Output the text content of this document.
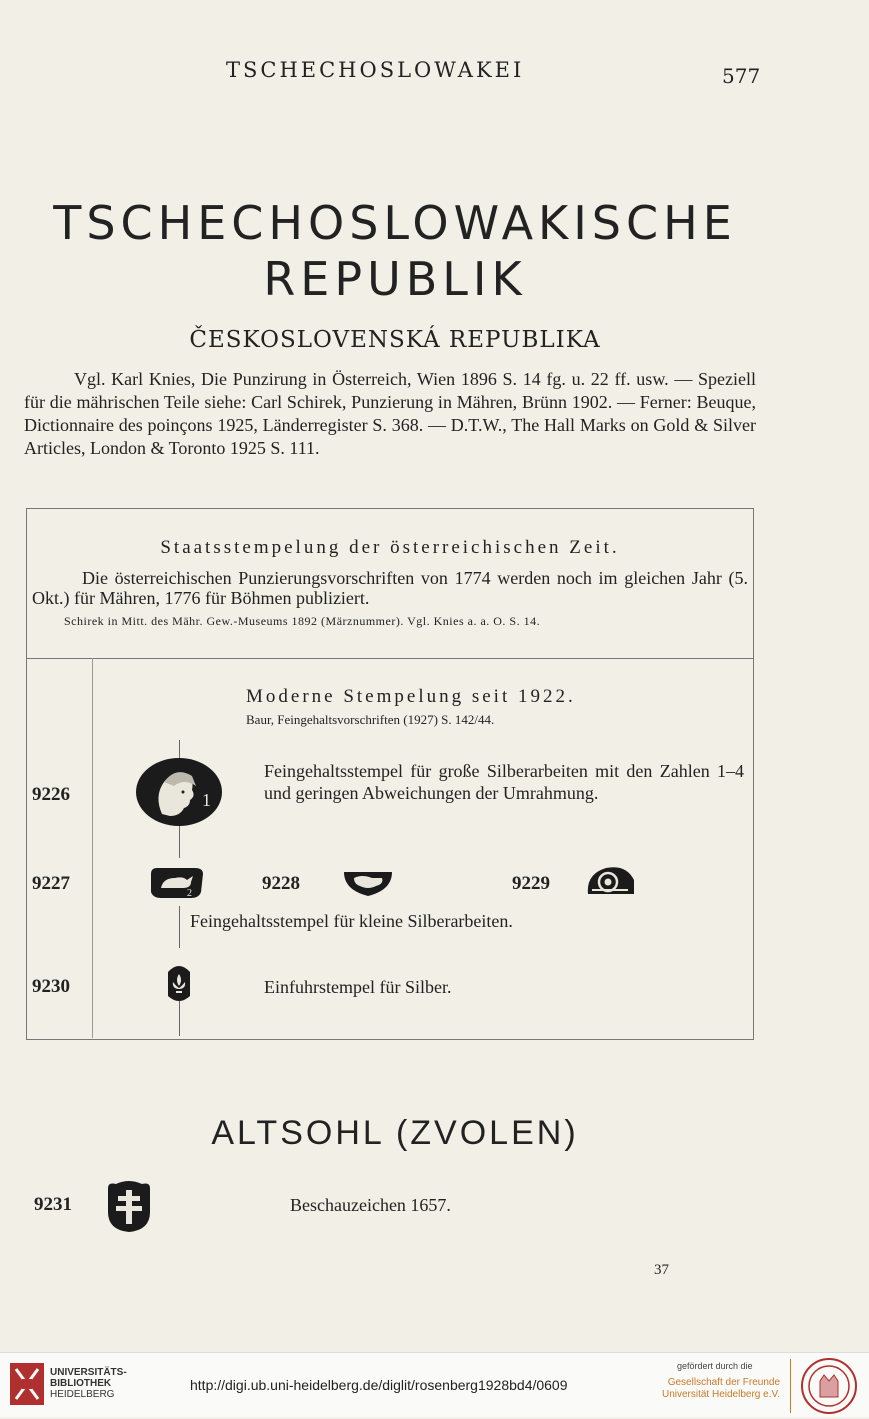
TSCHECHOSLOWAKEI	577
TSCHECHOSLOWAKISCHE
REPUBLIK
ČESKOSLOVENSKÁ REPUBLIKA
Vgl. Karl Knies, Die Punzirung in Österreich, Wien 1896 S. 14 fg. u. 22 ff. usw. — Speziell für die mährischen Teile siehe: Carl Schirek, Punzierung in Mähren, Brünn 1902. — Ferner: Beuque, Dictionnaire des poinçons 1925, Länderregister S. 368. — D.T.W., The Hall Marks on Gold & Silver Articles, London & Toronto 1925 S. 111.
Staatsstempelung der österreichischen Zeit.
Die österreichischen Punzierungsvorschriften von 1774 werden noch im gleichen Jahr (5. Okt.) für Mähren, 1776 für Böhmen publiziert.
Schirek in Mitt. des Mähr. Gew.-Museums 1892 (Märznummer). Vgl. Knies a. a. O. S. 14.
Moderne Stempelung seit 1922.
Baur, Feingehaltsvorschriften (1927) S. 142/44.
9226	1
Feingehaltsstempel für große Silberarbeiten mit den Zahlen 1–4 und geringen Abweichungen der Umrahmung.
9227	2	9228	9229
Feingehaltsstempel für kleine Silberarbeiten.
9230	Einfuhrstempel für Silber.
ALTSOHL (ZVOLEN)
9231	Beschauzeichen 1657.
37
UNIVERSITÄTS-
BIBLIOTHEK
HEIDELBERG
http://digi.ub.uni-heidelberg.de/diglit/rosenberg1928bd4/0609
gefördert durch die
Gesellschaft der Freunde
Universität Heidelberg e.V.
